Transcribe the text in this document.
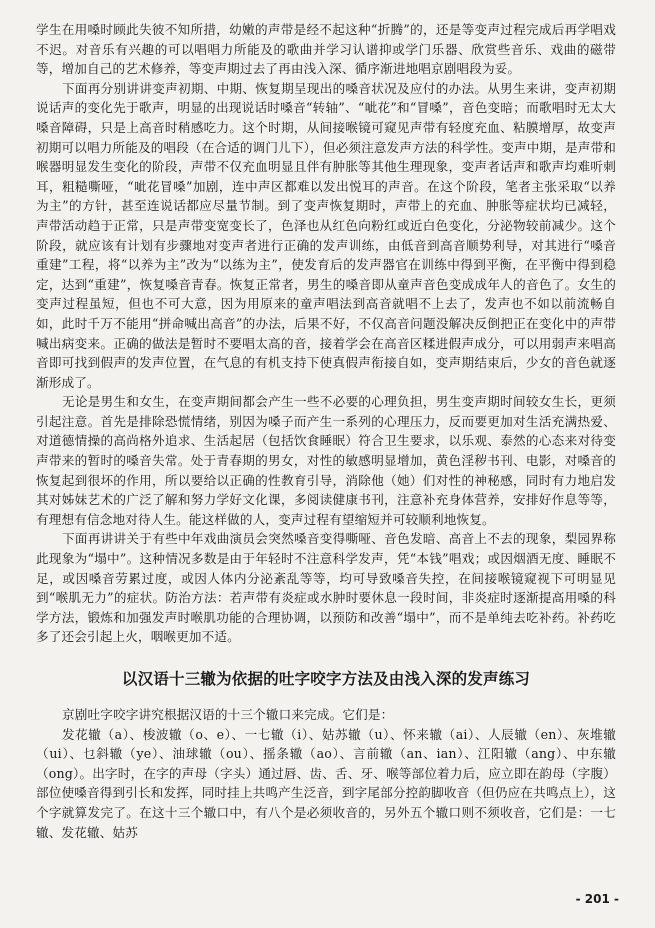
学生在用嗓时顾此失彼不知所措，幼嫩的声带是经不起这种“折腾”的，还是等变声过程完成后再学唱戏不迟。对音乐有兴趣的可以唱唱力所能及的歌曲并学习认谱抑或学门乐器、欣赏些音乐、戏曲的磁带等，增加自己的艺术修养，等变声期过去了再由浅入深、循序渐进地唱京剧唱段为妥。

下面再分别讲讲变声初期、中期、恢复期呈现出的嗓音状况及应付的办法。从男生来讲，变声初期说话声的变化先于歌声，明显的出现说话时嗓音“转轴”、“呲花”和“冒嗓”，音色变暗；而歌唱时无太大嗓音障碍，只是上高音时稍感吃力。这个时期，从间接喉镜可窥见声带有轻度充血、粘膜增厚，故变声初期可以唱力所能及的唱段（在合适的调门儿下），但必须注意发声方法的科学性。变声中期，是声带和喉器明显发生变化的阶段，声带不仅充血明显且伴有肿胀等其他生理现象，变声者话声和歌声均难听刺耳，粗糙嘶哑，“呲花冒嗓”加剧，连中声区都难以发出悦耳的声音。在这个阶段，笔者主张采取“以养为主”的方针，甚至连说话都应尽量节制。到了变声恢复期时，声带上的充血、肿胀等症状均已减轻，声带活动趋于正常，只是声带变宽变长了，色泽也从红色向粉红或近白色变化，分泌物较前减少。这个阶段，就应该有计划有步骤地对变声者进行正确的发声训练，由低音到高音顺势利导，对其进行“嗓音重建”工程，将“以养为主”改为“以练为主”，使发育后的发声器官在训练中得到平衡，在平衡中得到稳定，达到“重建”，恢复嗓音青春。恢复正常者，男生的嗓音即从童声音色变成成年人的音色了。女生的变声过程虽短，但也不可大意，因为用原来的童声唱法到高音就唱不上去了，发声也不如以前流畅自如，此时千万不能用“拼命喊出高音”的办法，后果不好，不仅高音问题没解决反倒把正在变化中的声带喊出病变来。正确的做法是暂时不要唱太高的音，接着学会在高音区糅进假声成分，可以用弱声来唱高音即可找到假声的发声位置，在气息的有机支持下使真假声衔接自如，变声期结束后，少女的音色就逐渐形成了。

无论是男生和女生，在变声期间都会产生一些不必要的心理负担，男生变声期时间较女生长，更须引起注意。首先是排除恐慌情绪，别因为嗓子而产生一系列的心理压力，反而要更加对生活充满热爱、对道德情操的高尚格外追求、生活起居（包括饮食睡眠）符合卫生要求，以乐观、泰然的心态来对待变声带来的暂时的嗓音失常。处于青春期的男女，对性的敏感明显增加，黄色淫秽书刊、电影，对嗓音的恢复起到很坏的作用，所以要给以正确的性教育引导，消除他（她）们对性的神秘感，同时有力地启发其对姊妹艺术的广泛了解和努力学好文化课，多阅读健康书刊，注意补充身体营养，安排好作息等等，有理想有信念地对待人生。能这样做的人，变声过程有望缩短并可较顺利地恢复。

下面再讲讲关于有些中年戏曲演员会突然嗓音变得嘶哑、音色发暗、高音上不去的现象，梨园界称此现象为“塌中”。这种情况多数是由于年轻时不注意科学发声，凭“本钱”唱戏；或因烟酒无度、睡眠不足，或因嗓音劳累过度，或因人体内分泌紊乱等等，均可导致嗓音失控，在间接喉镜窥视下可明显见到“喉肌无力”的症状。防治方法：若声带有炎症或水肿时要休息一段时间，非炎症时逐渐提高用嗓的科学方法，锻炼和加强发声时喉肌功能的合理协调，以预防和改善“塌中”，而不是单纯去吃补药。补药吃多了还会引起上火，咽喉更加不适。

以汉语十三辙为依据的吐字咬字方法及由浅入深的发声练习

京剧吐字咬字讲究根据汉语的十三个辙口来完成。它们是：

发花辙（a）、梭波辙（o、e）、一七辙（i）、姑苏辙（u）、怀来辙（ai）、人辰辙（en）、灰堆辙（ui）、乜斜辙（ye）、油球辙（ou）、摇条辙（ao）、言前辙（an、ian）、江阳辙（ang）、中东辙（ong）。出字时，在字的声母（字头）通过唇、齿、舌、牙、喉等部位着力后，应立即在韵母（字腹）部位使嗓音得到引长和发挥，同时挂上共鸣产生泛音，到字尾部分控韵脚收音（但仍应在共鸣点上），这个字就算发完了。在这十三个辙口中，有八个是必须收音的，另外五个辙口则不须收音，它们是：一七辙、发花辙、姑苏

- 201 -
